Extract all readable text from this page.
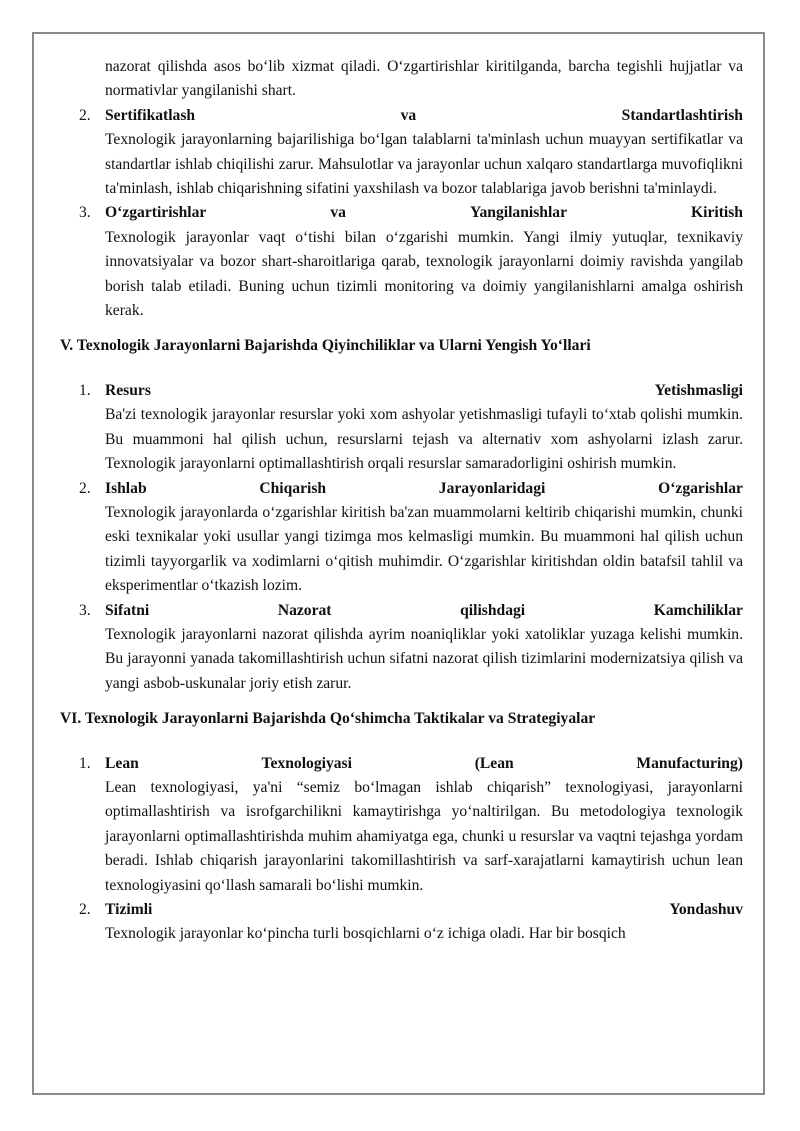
nazorat qilishda asos bo‘lib xizmat qiladi. O‘zgartirishlar kiritilganda, barcha tegishli hujjatlar va normativlar yangilanishi shart.

2. Sertifikatlash	va	Standartlashtirish

Texnologik jarayonlarning bajarilishiga bo‘lgan talablarni ta'minlash uchun muayyan sertifikatlar va standartlar ishlab chiqilishi zarur. Mahsulotlar va jarayonlar uchun xalqaro standartlarga muvofiqlikni ta'minlash, ishlab chiqarishning sifatini yaxshilash va bozor talablariga javob berishni ta'minlaydi.

3. O‘zgartirishlar	va	Yangilanishlar	Kiritish

Texnologik jarayonlar vaqt o‘tishi bilan o‘zgarishi mumkin. Yangi ilmiy yutuqlar, texnikaviy innovatsiyalar va bozor shart-sharoitlariga qarab, texnologik jarayonlarni doimiy ravishda yangilab borish talab etiladi. Buning uchun tizimli monitoring va doimiy yangilanishlarni amalga oshirish kerak.

V. Texnologik Jarayonlarni Bajarishda Qiyinchiliklar va Ularni Yengish Yo‘llari
1. Resurs	Yetishmasligi

Ba'zi texnologik jarayonlar resurslar yoki xom ashyolar yetishmasligi tufayli to‘xtab qolishi mumkin. Bu muammoni hal qilish uchun, resurslarni tejash va alternativ xom ashyolarni izlash zarur. Texnologik jarayonlarni optimallashtirish orqali resurslar samaradorligini oshirish mumkin.

2. Ishlab	Chiqarish	Jarayonlaridagi	O‘zgarishlar

Texnologik jarayonlarda o‘zgarishlar kiritish ba'zan muammolarni keltirib chiqarishi mumkin, chunki eski texnikalar yoki usullar yangi tizimga mos kelmasligi mumkin. Bu muammoni hal qilish uchun tizimli tayyorgarlik va xodimlarni o‘qitish muhimdir. O‘zgarishlar kiritishdan oldin batafsil tahlil va eksperimentlar o‘tkazish lozim.

3. Sifatni	Nazorat	qilishdagi	Kamchiliklar

Texnologik jarayonlarni nazorat qilishda ayrim noaniqliklar yoki xatoliklar yuzaga kelishi mumkin. Bu jarayonni yanada takomillashtirish uchun sifatni nazorat qilish tizimlarini modernizatsiya qilish va yangi asbob-uskunalar joriy etish zarur.

VI. Texnologik Jarayonlarni Bajarishda Qo‘shimcha Taktikalar va Strategiyalar
1. Lean	Texnologiyasi	(Lean	Manufacturing)

Lean texnologiyasi, ya'ni “semiz bo‘lmagan ishlab chiqarish” texnologiyasi, jarayonlarni optimallashtirish va isrofgarchilikni kamaytirishga yo‘naltirilgan. Bu metodologiya texnologik jarayonlarni optimallashtirishda muhim ahamiyatga ega, chunki u resurslar va vaqtni tejashga yordam beradi. Ishlab chiqarish jarayonlarini takomillashtirish va sarf-xarajatlarni kamaytirish uchun lean texnologiyasini qo‘llash samarali bo‘lishi mumkin.

2. Tizimli	Yondashuv

Texnologik jarayonlar ko‘pincha turli bosqichlarni o‘z ichiga oladi. Har bir bosqich
